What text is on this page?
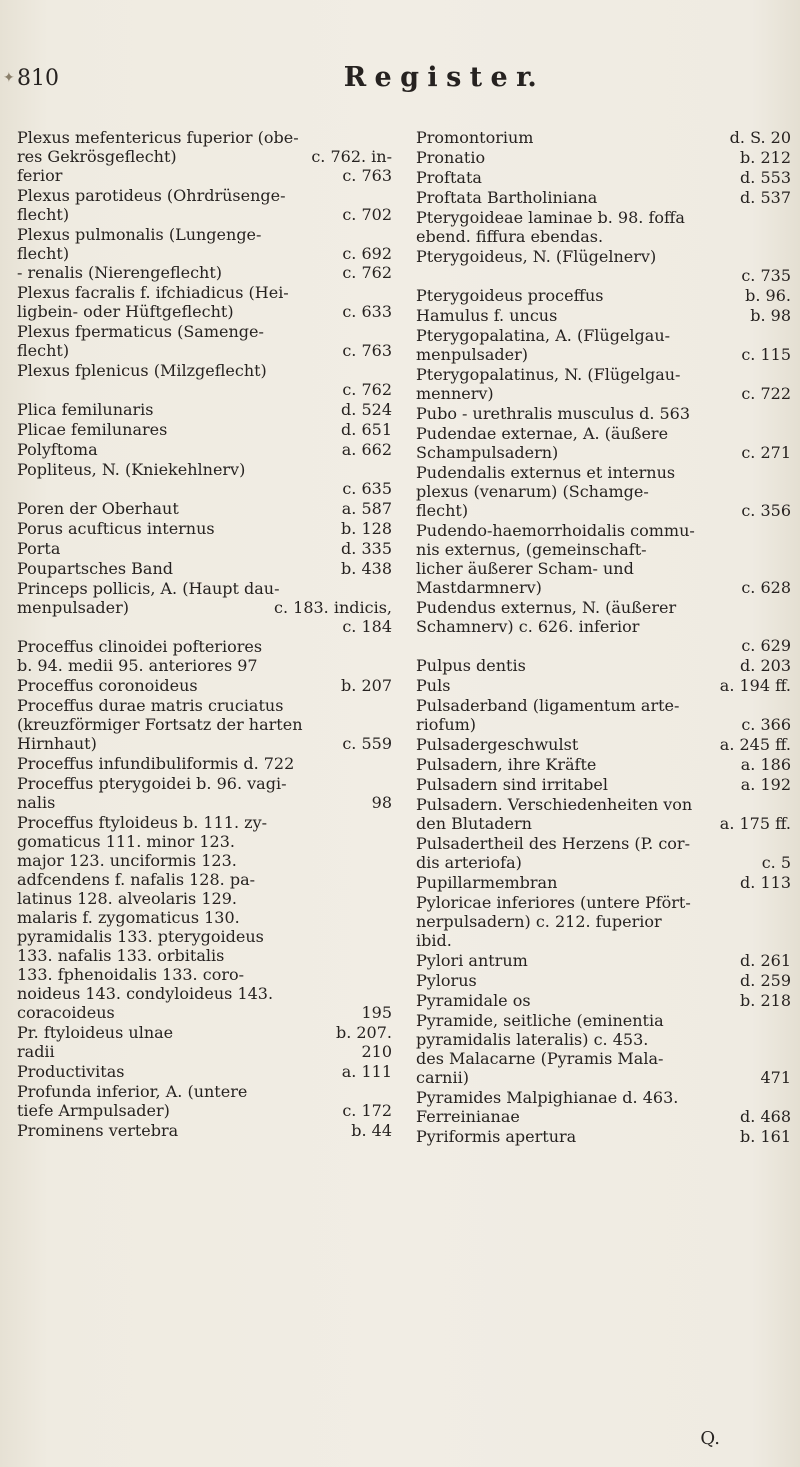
✦ 810	R e g i s t e r.
Plexus mefentericus fuperior (obe-
c. 762. in-
res Gekrösgeflecht)
c. 763
ferior
Plexus parotideus (Ohrdrüsenge-
c. 702
flecht)
Plexus pulmonalis (Lungenge-
c. 692
flecht)
c. 762
- renalis (Nierengeflecht)
Plexus facralis f. ifchiadicus (Hei-
c. 633
ligbein- oder Hüftgeflecht)
Plexus fpermaticus (Samenge-
c. 763
flecht)
Plexus fplenicus (Milzgeflecht)
c. 762
d. 524
Plica femilunaris
d. 651
Plicae femilunares
a. 662
Polyftoma
Popliteus, N. (Kniekehlnerv)
c. 635
a. 587
Poren der Oberhaut
b. 128
Porus acufticus internus
d. 335
Porta
b. 438
Poupartsches Band
Princeps pollicis, A. (Haupt dau-
c. 183. indicis,
menpulsader)
c. 184
Proceffus clinoidei pofteriores
b. 94. medii 95. anteriores 97
b. 207
Proceffus coronoideus
Proceffus durae matris cruciatus
(kreuzförmiger Fortsatz der harten
c. 559
Hirnhaut)
Proceffus infundibuliformis d. 722
Proceffus pterygoidei b. 96. vagi-
98
nalis
Proceffus ftyloideus b. 111. zy-
gomaticus 111. minor 123.
major 123. unciformis 123.
adfcendens f. nafalis 128. pa-
latinus 128. alveolaris 129.
malaris f. zygomaticus 130.
pyramidalis 133. pterygoideus
133. nafalis 133. orbitalis
133. fphenoidalis 133. coro-
noideus 143. condyloideus 143.
195
coracoideus
b. 207.
Pr. ftyloideus ulnae
210
radii
a. 111
Productivitas
Profunda inferior, A. (untere
c. 172
tiefe Armpulsader)
b. 44
Prominens vertebra
d. S. 20
Promontorium
b. 212
Pronatio
d. 553
Proftata
d. 537
Proftata Bartholiniana
Pterygoideae laminae b. 98. foffa
ebend. fiffura ebendas.
Pterygoideus, N. (Flügelnerv)
c. 735
b. 96.
Pterygoideus proceffus
b. 98
Hamulus f. uncus
Pterygopalatina, A. (Flügelgau-
c. 115
menpulsader)
Pterygopalatinus, N. (Flügelgau-
c. 722
mennerv)
Pubo - urethralis musculus d. 563
Pudendae externae, A. (äußere
c. 271
Schampulsadern)
Pudendalis externus et internus
plexus (venarum) (Schamge-
c. 356
flecht)
Pudendo-haemorrhoidalis commu-
nis externus, (gemeinschaft-
licher äußerer Scham- und
c. 628
Mastdarmnerv)
Pudendus externus, N. (äußerer
Schamnerv) c. 626. inferior
c. 629
d. 203
Pulpus dentis
a. 194 ff.
Puls
Pulsaderband (ligamentum arte-
c. 366
riofum)
a. 245 ff.
Pulsadergeschwulst
a. 186
Pulsadern, ihre Kräfte
a. 192
Pulsadern sind irritabel
Pulsadern. Verschiedenheiten von
a. 175 ff.
den Blutadern
Pulsadertheil des Herzens (P. cor-
c. 5
dis arteriofa)
d. 113
Pupillarmembran
Pyloricae inferiores (untere Pfört-
nerpulsadern) c. 212. fuperior
ibid.
d. 261
Pylori antrum
d. 259
Pylorus
b. 218
Pyramidale os
Pyramide, seitliche (eminentia
pyramidalis lateralis) c. 453.
des Malacarne (Pyramis Mala-
471
carnii)
Pyramides Malpighianae d. 463.
d. 468
Ferreinianae
b. 161
Pyriformis apertura
Q.
